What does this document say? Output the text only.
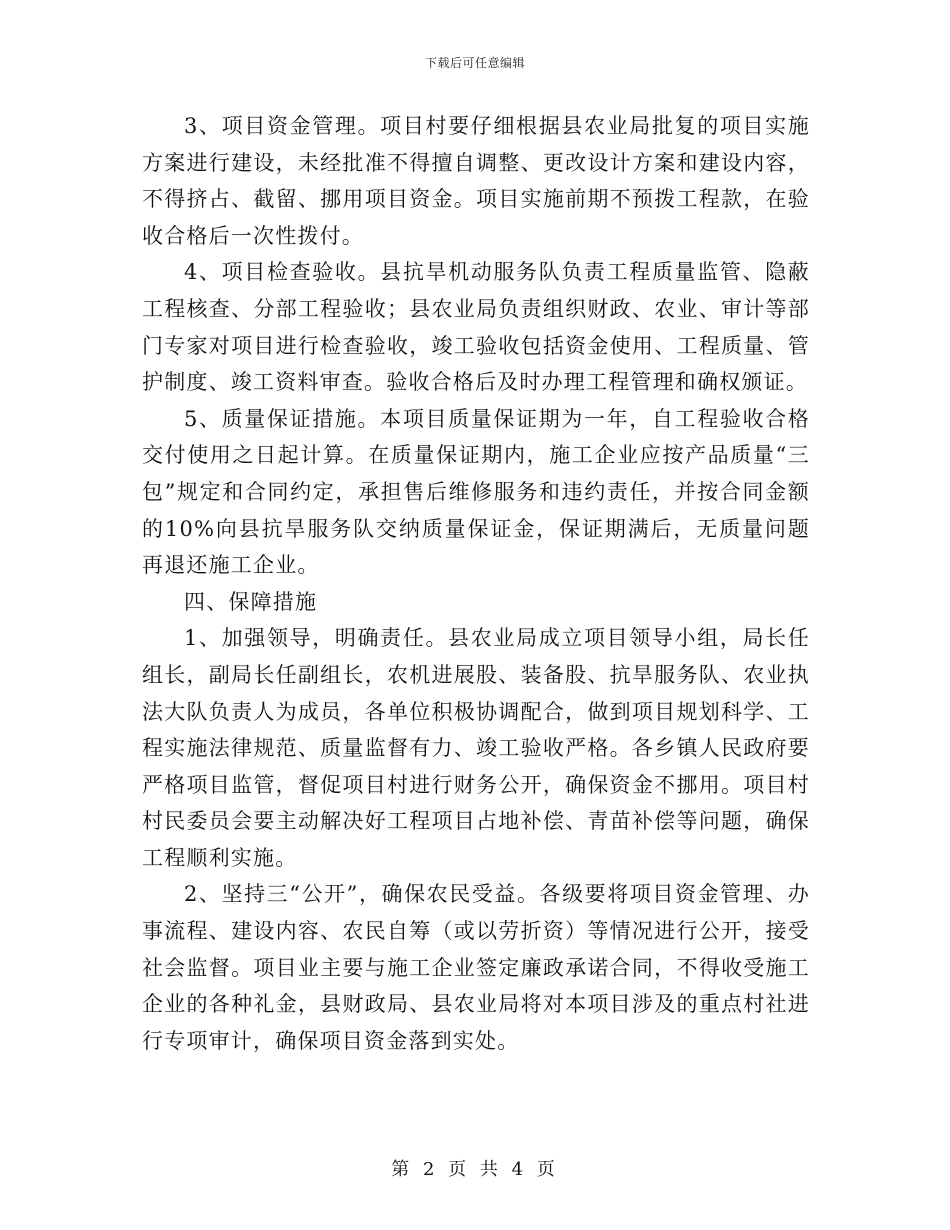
下载后可任意编辑

3、项目资金管理。项目村要仔细根据县农业局批复的项目实施方案进行建设，未经批准不得擅自调整、更改设计方案和建设内容，不得挤占、截留、挪用项目资金。项目实施前期不预拨工程款，在验收合格后一次性拨付。

4、项目检查验收。县抗旱机动服务队负责工程质量监管、隐蔽工程核查、分部工程验收；县农业局负责组织财政、农业、审计等部门专家对项目进行检查验收，竣工验收包括资金使用、工程质量、管护制度、竣工资料审查。验收合格后及时办理工程管理和确权颁证。

5、质量保证措施。本项目质量保证期为一年，自工程验收合格交付使用之日起计算。在质量保证期内，施工企业应按产品质量“三包”规定和合同约定，承担售后维修服务和违约责任，并按合同金额的10%向县抗旱服务队交纳质量保证金，保证期满后，无质量问题再退还施工企业。

四、保障措施

1、加强领导，明确责任。县农业局成立项目领导小组，局长任组长，副局长任副组长，农机进展股、装备股、抗旱服务队、农业执法大队负责人为成员，各单位积极协调配合，做到项目规划科学、工程实施法律规范、质量监督有力、竣工验收严格。各乡镇人民政府要严格项目监管，督促项目村进行财务公开，确保资金不挪用。项目村村民委员会要主动解决好工程项目占地补偿、青苗补偿等问题，确保工程顺利实施。

2、坚持三“公开”，确保农民受益。各级要将项目资金管理、办事流程、建设内容、农民自筹（或以劳折资）等情况进行公开，接受社会监督。项目业主要与施工企业签定廉政承诺合同，不得收受施工企业的各种礼金，县财政局、县农业局将对本项目涉及的重点村社进行专项审计，确保项目资金落到实处。

第 2 页 共 4 页
